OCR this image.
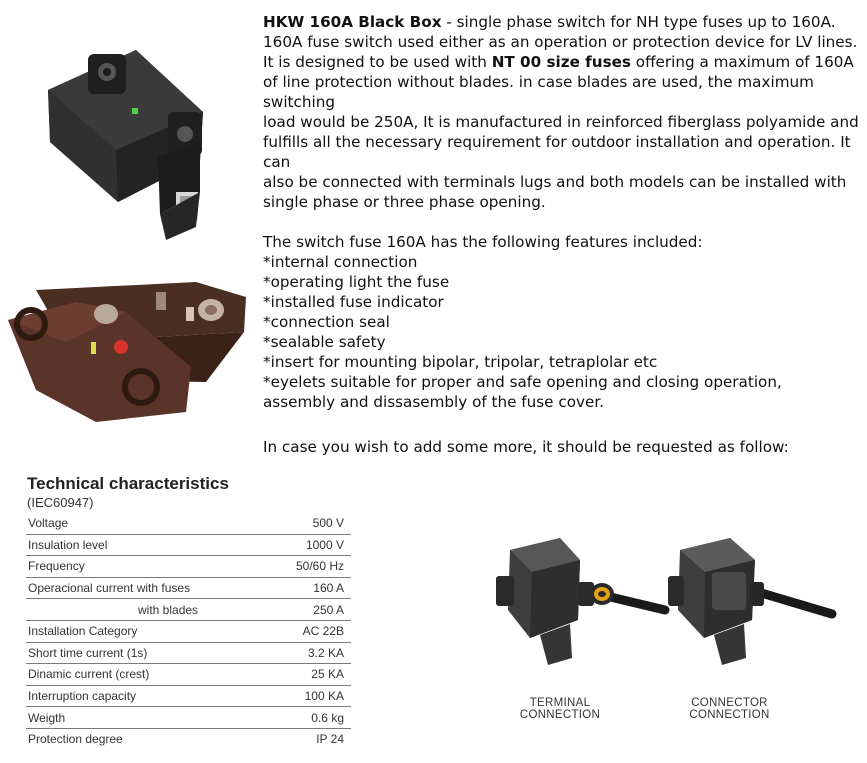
HKW 160A Black Box - single phase switch for NH type fuses up to 160A.

160A fuse switch used either as an operation or protection device for LV lines.

It is designed to be used with NT 00 size fuses offering a maximum of 160A

of line protection without blades. in case blades are used, the maximum switching

load would be 250A, It is manufactured in reinforced fiberglass polyamide and

fulfills all the necessary requirement for outdoor installation and operation. It can

also be connected with terminals lugs and both models can be installed with

single phase or three phase opening.

The switch fuse 160A has the following features included:

*internal connection

*operating light the fuse

*installed fuse indicator

*connection seal

*sealable safety

*insert for mounting bipolar, tripolar, tetraplolar etc

*eyelets suitable for proper and safe opening and closing operation,

assembly and dissasembly of the fuse cover.

In case you wish to add some more, it should be requested as follow:
Technical characteristics
(IEC60947)
Voltage	500 V
Insulation level	1000 V
Frequency	50/60 Hz
Operacional current with fuses	160 A
with blades	250 A
Installation Category	AC 22B
Short time current (1s)	3.2 KA
Dinamic current (crest)	25 KA
Interruption capacity	100 KA
Weigth	0.6 kg
Protection degree	IP 24
TERMINAL
CONNECTION
CONNECTOR
CONNECTION
